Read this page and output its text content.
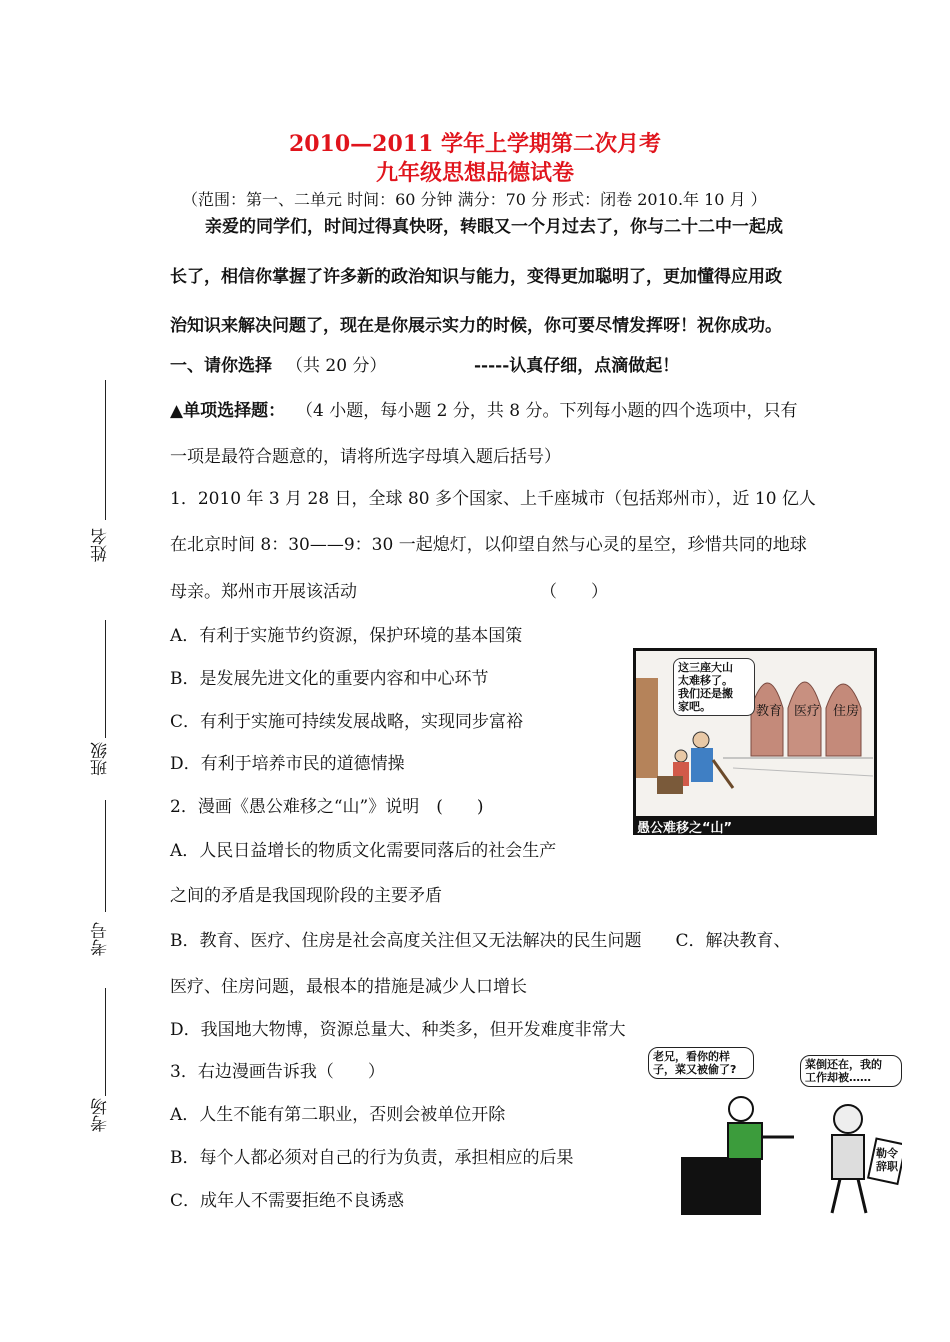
2010—2011 学年上学期第二次月考
九年级思想品德试卷
（范围：第一、二单元 时间：60 分钟 满分：70 分 形式：闭卷 2010.年 10 月 ）
亲爱的同学们，时间过得真快呀，转眼又一个月过去了，你与二十二中一起成
长了，相信你掌握了许多新的政治知识与能力，变得更加聪明了，更加懂得应用政
治知识来解决问题了，现在是你展示实力的时候，你可要尽情发挥呀！祝你成功。
一、请你选择 （共 20 分）	-----认真仔细，点滴做起！
▲单项选择题： （4 小题，每小题 2 分，共 8 分。下列每小题的四个选项中，只有
一项是最符合题意的，请将所选字母填入题后括号）
1．2010 年 3 月 28 日，全球 80 多个国家、上千座城市（包括郑州市），近 10 亿人
在北京时间 8：30——9：30 一起熄灯，以仰望自然与心灵的星空，珍惜共同的地球
母亲。郑州市开展该活动	（　　）
A．有利于实施节约资源，保护环境的基本国策
B．是发展先进文化的重要内容和中心环节
C．有利于实施可持续发展战略，实现同步富裕
D．有利于培养市民的道德情操
2．漫画《愚公难移之“山”》说明　(　　)
A．人民日益增长的物质文化需要同落后的社会生产
之间的矛盾是我国现阶段的主要矛盾
B．教育、医疗、住房是社会高度关注但又无法解决的民生问题　　C．解决教育、
医疗、住房问题，最根本的措施是减少人口增长
D．我国地大物博，资源总量大、种类多，但开发难度非常大
3．右边漫画告诉我（　　）
A．人生不能有第二职业，否则会被单位开除
B．每个人都必须对自己的行为负责，承担相应的后果
C．成年人不需要拒绝不良诱惑
姓名
班级
考号
考场
这三座大山
太难移了。
我们还是搬
家吧。	教育 医疗 住房
愚公难移之“山”
老兄，看你的样
子，菜又被偷了?	菜倒还在，我的
工作却被……
勒令
辞职
